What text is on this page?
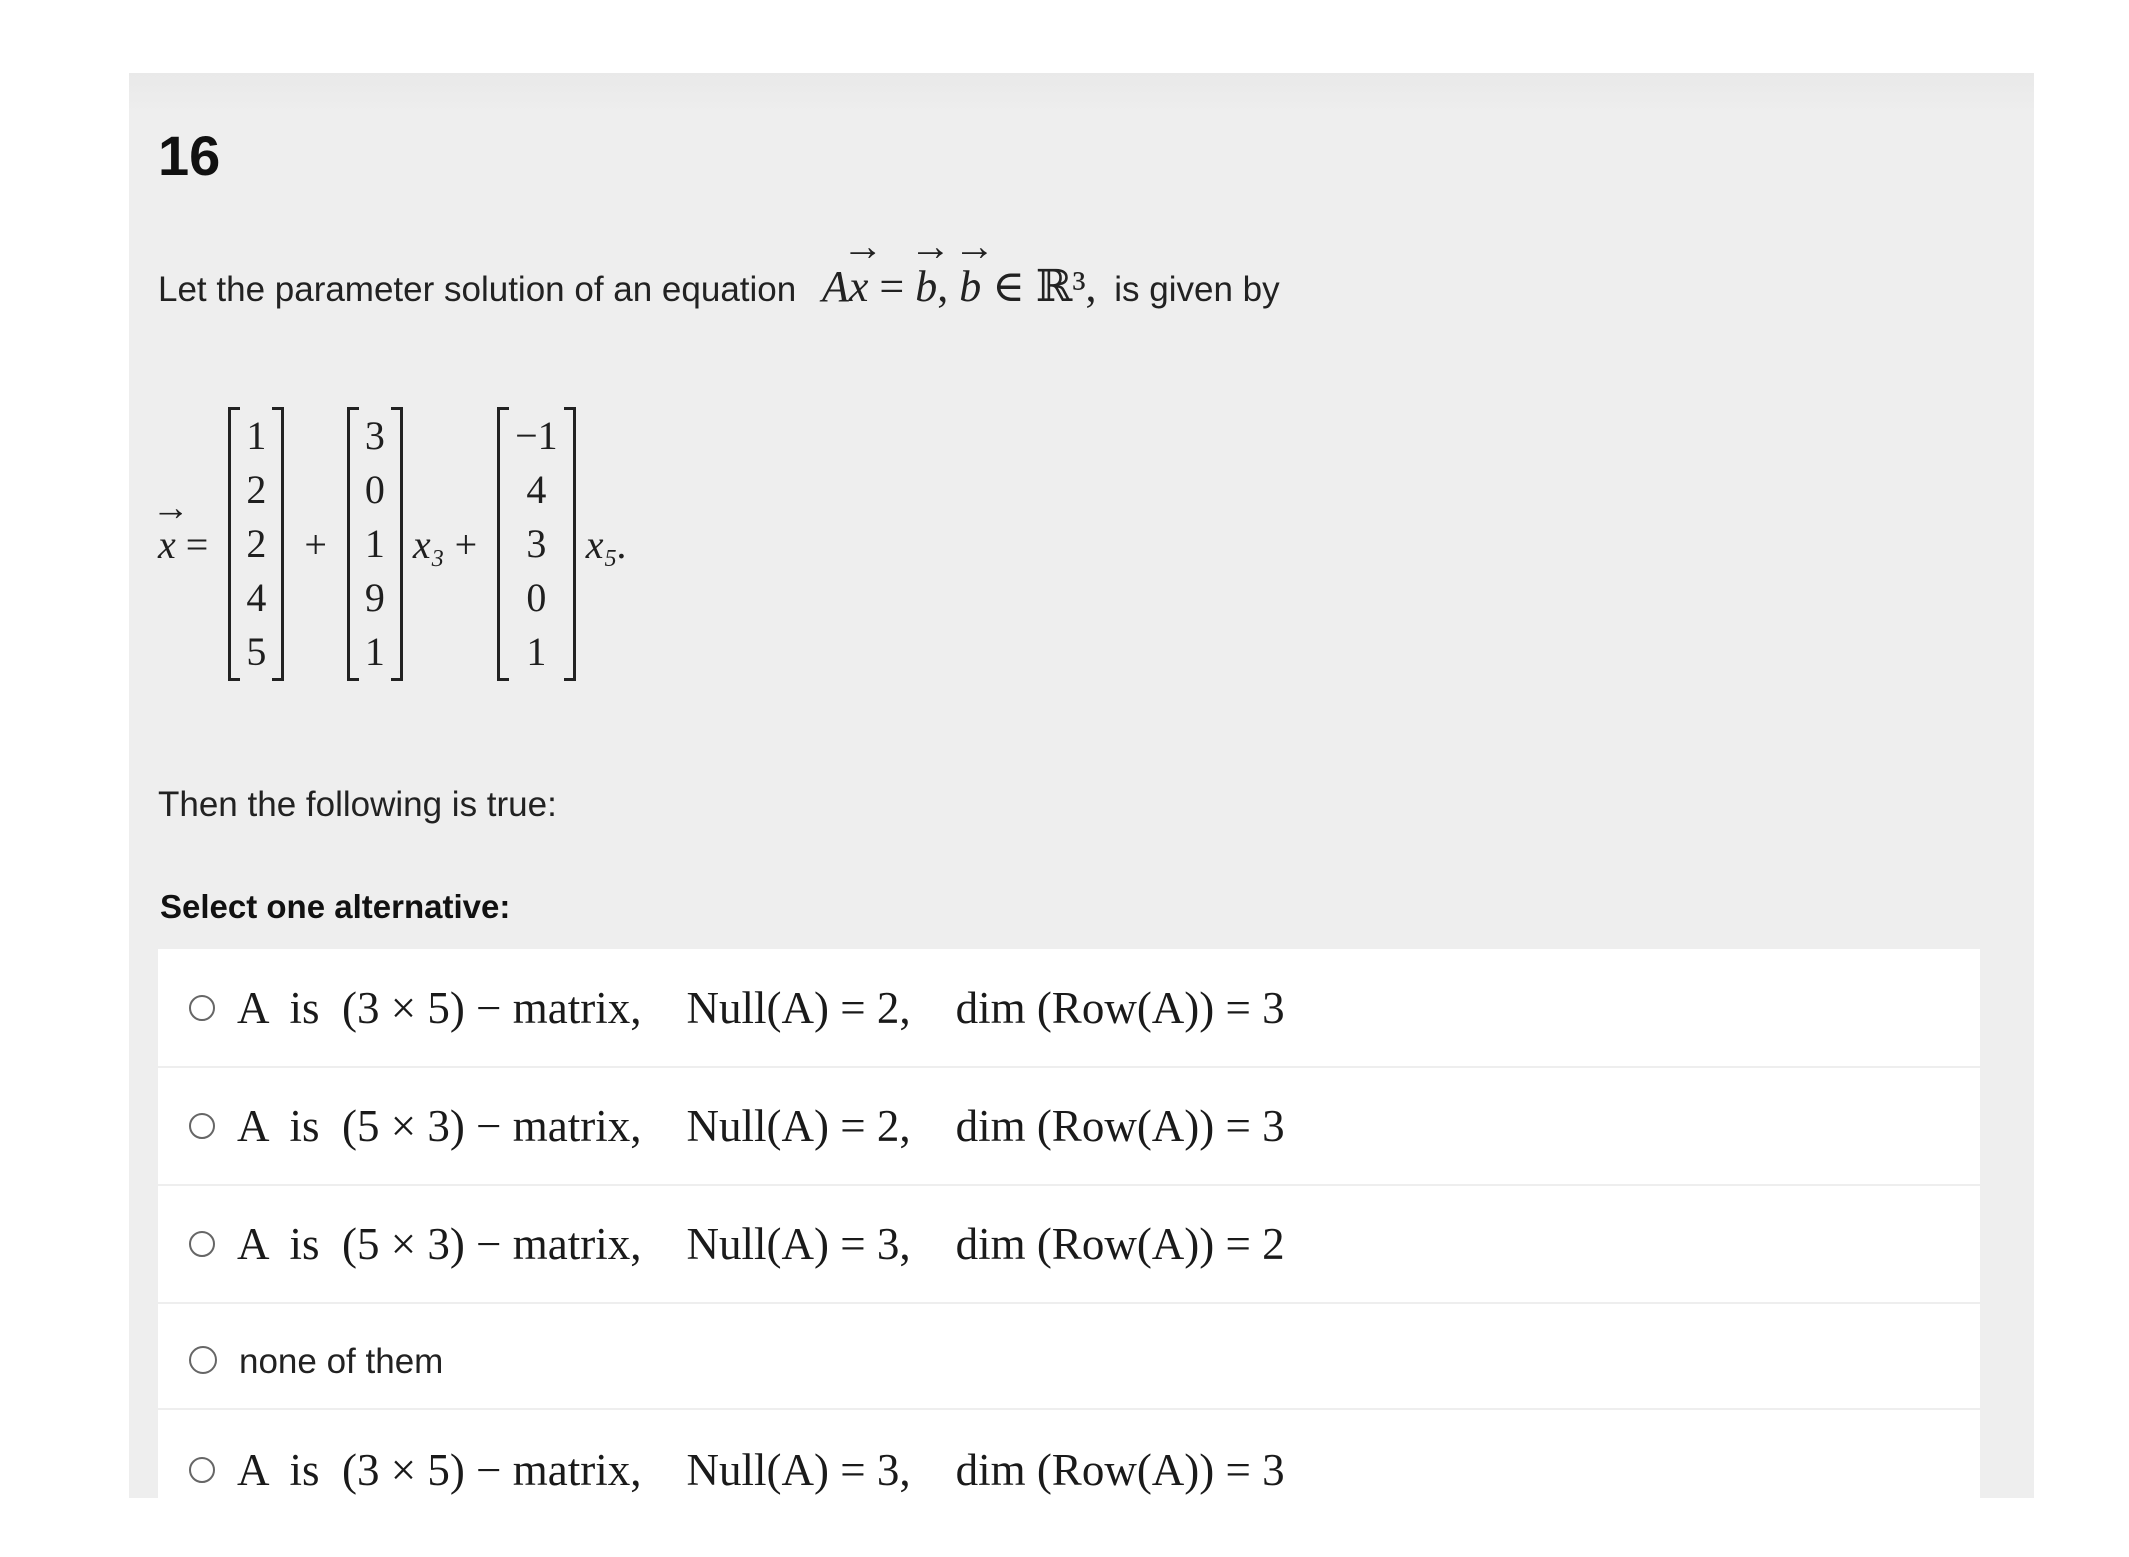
16
Let the parameter solution of an equation A→ x = → b, → b ∈ ℝ³, is given by
→ x =
1
2
2
4
5
+
3
0
1
9
1
x₃ +
−1
4
3
0
1
x₅.
Then the following is true:
Select one alternative:
A  is  (3 × 5) − matrix,    Null(A) = 2,    dim (Row(A)) = 3
A  is  (5 × 3) − matrix,    Null(A) = 2,    dim (Row(A)) = 3
A  is  (5 × 3) − matrix,    Null(A) = 3,    dim (Row(A)) = 2
none of them
A  is  (3 × 5) − matrix,    Null(A) = 3,    dim (Row(A)) = 3
